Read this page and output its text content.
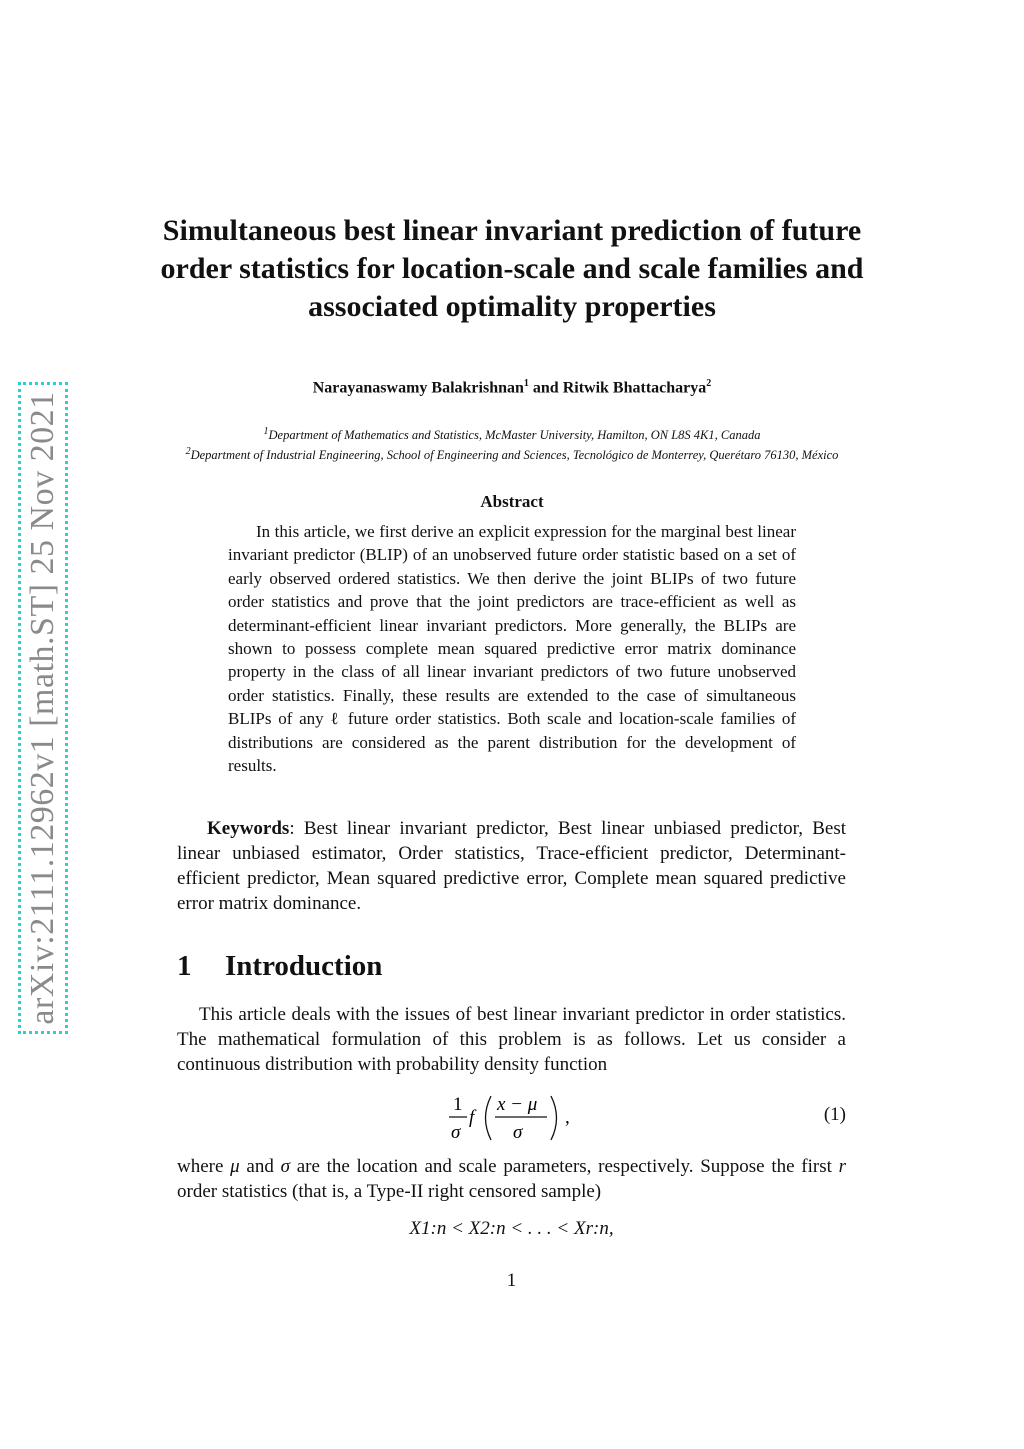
arXiv:2111.12962v1 [math.ST] 25 Nov 2021
Simultaneous best linear invariant prediction of future order statistics for location-scale and scale families and associated optimality properties
Narayanaswamy Balakrishnan$^1$ and Ritwik Bhattacharya$^2$
$^1$Department of Mathematics and Statistics, McMaster University, Hamilton, ON L8S 4K1, Canada
$^2$Department of Industrial Engineering, School of Engineering and Sciences, Tecnológico de Monterrey, Querétaro 76130, México
Abstract
In this article, we first derive an explicit expression for the marginal best linear invariant predictor (BLIP) of an unobserved future order statistic based on a set of early observed ordered statistics. We then derive the joint BLIPs of two future order statistics and prove that the joint predictors are trace-efficient as well as determinant-efficient linear invariant predictors. More generally, the BLIPs are shown to possess complete mean squared predictive error matrix dominance property in the class of all linear invariant predictors of two future unobserved order statistics. Finally, these results are extended to the case of simultaneous BLIPs of any ℓ future order statistics. Both scale and location-scale families of distributions are considered as the parent distribution for the development of results.
Keywords: Best linear invariant predictor, Best linear unbiased predictor, Best linear unbiased estimator, Order statistics, Trace-efficient predictor, Determinant-efficient predictor, Mean squared predictive error, Complete mean squared predictive error matrix dominance.
1 Introduction
This article deals with the issues of best linear invariant predictor in order statistics. The mathematical formulation of this problem is as follows. Let us consider a continuous distribution with probability density function
1
σ
f
x − μ
σ
,	(1)
where μ and σ are the location and scale parameters, respectively. Suppose the first r order statistics (that is, a Type-II right censored sample)
X1:n < X2:n < . . . < Xr:n,
1
